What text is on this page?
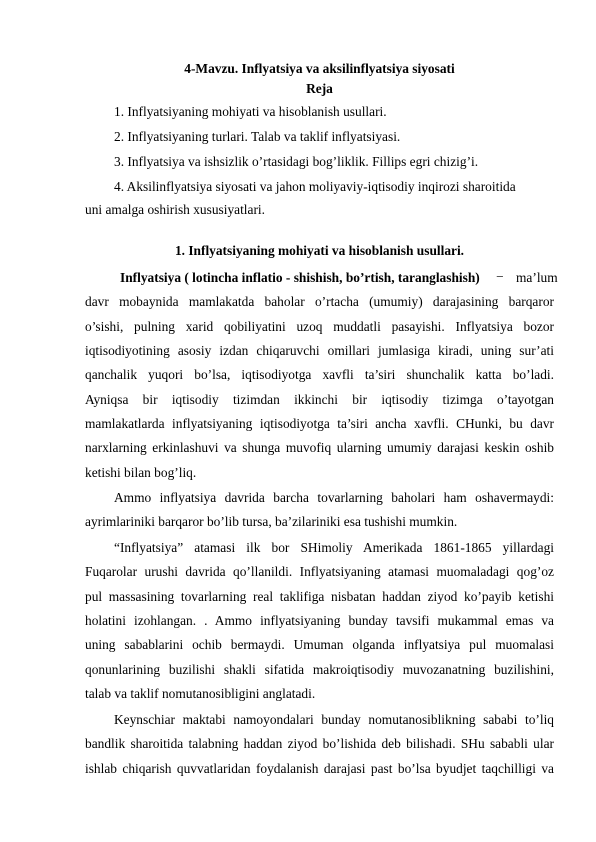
4-Mavzu. Inflyatsiya va aksilinflyatsiya siyosati
Reja
1. Inflyatsiyaning mohiyati va hisoblanish usullari.
2. Inflyatsiyaning turlari. Talab va taklif inflyatsiyasi.
3. Inflyatsiya va ishsizlik o’rtasidagi bog’liklik. Fillips egri chizig’i.
4. Aksilinflyatsiya siyosati va jahon moliyaviy-iqtisodiy inqirozi sharoitida
uni amalga oshirish xususiyatlari.
1. Inflyatsiyaning mohiyati va hisoblanish usullari.
Inflyatsiya ( lotincha inflatio - shishish, bo’rtish, taranglashish) − ma’lum
davr mobaynida mamlakatda baholar o’rtacha (umumiy) darajasining barqaror
o’sishi, pulning xarid qobiliyatini uzoq muddatli pasayishi. Inflyatsiya bozor
iqtisodiyotining asosiy izdan chiqaruvchi omillari jumlasiga kiradi, uning sur’ati
qanchalik yuqori bo’lsa, iqtisodiyotga xavfli ta’siri shunchalik katta bo’ladi.
Ayniqsa bir iqtisodiy tizimdan ikkinchi bir iqtisodiy tizimga o’tayotgan
mamlakatlarda inflyatsiyaning iqtisodiyotga ta’siri ancha xavfli. CHunki, bu davr
narxlarning erkinlashuvi va shunga muvofiq ularning umumiy darajasi keskin oshib
ketishi bilan bog’liq.
Ammo inflyatsiya davrida barcha tovarlarning baholari ham oshavermaydi:
ayrimlariniki barqaror bo’lib tursa, ba’zilariniki esa tushishi mumkin.
“Inflyatsiya” atamasi ilk bor SHimoliy Amerikada 1861-1865 yillardagi
Fuqarolar urushi davrida qo’llanildi. Inflyatsiyaning atamasi muomaladagi qog’oz
pul massasining tovarlarning real taklifiga nisbatan haddan ziyod ko’payib ketishi
holatini izohlangan. . Ammo inflyatsiyaning bunday tavsifi mukammal emas va
uning sabablarini ochib bermaydi. Umuman olganda inflyatsiya pul muomalasi
qonunlarining buzilishi shakli sifatida makroiqtisodiy muvozanatning buzilishini,
talab va taklif nomutanosibligini anglatadi.
Keynschiar maktabi namoyondalari bunday nomutanosiblikning sababi to’liq
bandlik sharoitida talabning haddan ziyod bo’lishida deb bilishadi. SHu sababli ular
ishlab chiqarish quvvatlaridan foydalanish darajasi past bo’lsa byudjet taqchilligi va
